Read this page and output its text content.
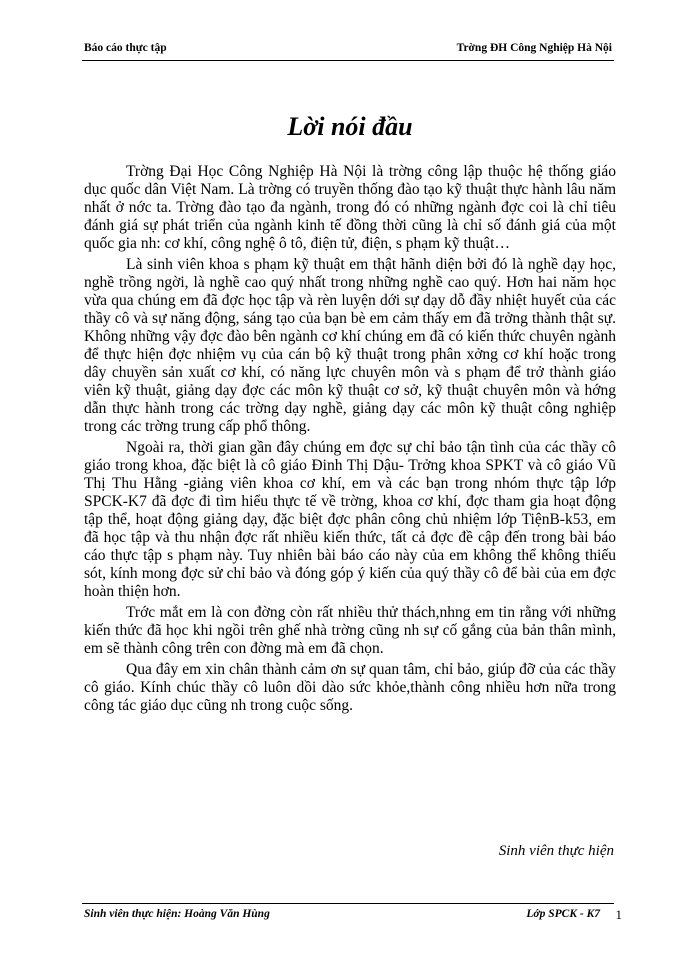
Báo cáo thực tập	Trờng ĐH Công Nghiệp Hà Nội
Lời nói đầu

Trờng Đại Học Công Nghiệp Hà Nội là trờng công lập thuộc hệ thống giáo dục quốc dân Việt Nam. Là trờng có truyền thống đào tạo kỹ thuật thực hành lâu năm nhất ở nớc ta. Trờng đào tạo đa ngành, trong đó có những ngành đợc coi là chỉ tiêu đánh giá sự phát triển của ngành kinh tế đồng thời cũng là chỉ số đánh giá của một quốc gia nh: cơ khí, công nghệ ô tô, điện tử, điện, s phạm kỹ thuật…

Là sinh viên khoa s phạm kỹ thuật em thật hãnh diện bởi đó là nghề dạy học, nghề trồng ngời, là nghề cao quý nhất trong những nghề cao quý. Hơn hai năm học vừa qua chúng em đã đợc học tập và rèn luyện dới sự dạy dỗ đầy nhiệt huyết của các thầy cô và sự năng động, sáng tạo của bạn bè em cảm thấy em đã trởng thành thật sự. Không những vậy đợc đào bên ngành cơ khí chúng em đã có kiến thức chuyên ngành để thực hiện đợc nhiệm vụ của cán bộ kỹ thuật trong phân xởng cơ khí hoặc trong dây chuyền sản xuất cơ khí, có năng lực chuyên môn và s phạm để trở thành giáo viên kỹ thuật, giảng dạy đợc các môn kỹ thuật cơ sở, kỹ thuật chuyên môn và hớng dẫn thực hành trong các trờng dạy nghề, giảng dạy các môn kỹ thuật công nghiệp trong các trờng trung cấp phổ thông.

Ngoài ra, thời gian gần đây chúng em đợc sự chỉ bảo tận tình của các thầy cô giáo trong khoa, đặc biệt là cô giáo Đinh Thị Dậu- Trởng khoa SPKT và cô giáo Vũ Thị Thu Hằng -giảng viên khoa cơ khí, em và các bạn trong nhóm thực tập lớp SPCK-K7 đã đợc đi tìm hiểu thực tế về trờng, khoa cơ khí, đợc tham gia hoạt động tập thể, hoạt động giảng dạy, đặc biệt đợc phân công chủ nhiệm lớp TiệnB-k53, em đã học tập và thu nhận đợc rất nhiều kiến thức, tất cả đợc đề cập đến trong bài báo cáo thực tập s phạm này. Tuy nhiên bài báo cáo này của em không thể không thiếu sót, kính mong đợc sử chỉ bảo và đóng góp ý kiến của quý thầy cô để bài của em đợc hoàn thiện hơn.

Trớc mắt em là con đờng còn rất nhiều thử thách,nhng em tin rằng với những kiến thức đã học khi ngồi trên ghế nhà trờng cũng nh sự cố gắng của bản thân mình, em sẽ thành công trên con đờng mà em đã chọn.

Qua đây em xin chân thành cảm ơn sự quan tâm, chỉ bảo, giúp đỡ của các thầy cô giáo. Kính chúc thầy cô luôn dồi dào sức khỏe,thành công nhiều hơn nữa trong công tác giáo dục cũng nh trong cuộc sống.

Sinh viên thực hiện
Sinh viên thực hiện: Hoàng Văn Hùng	Lớp SPCK - K7 1
